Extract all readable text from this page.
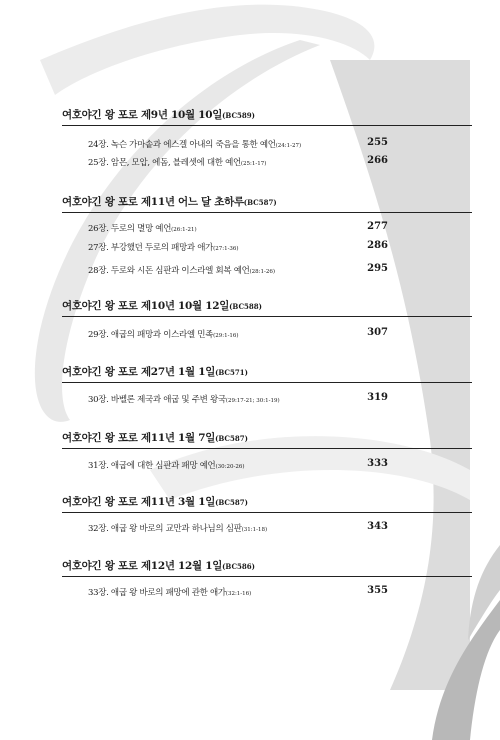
여호야긴 왕 포로 제9년 10월 10일(BC589)
24장. 녹슨 가마솥과 에스겔 아내의 죽음을 통한 예언(24:1-27)	255
25장. 암몬, 모압, 에돔, 블레셋에 대한 예언(25:1-17)	266
여호야긴 왕 포로 제11년 어느 달 초하루(BC587)
26장. 두로의 멸망 예언(26:1-21)	277
27장. 부강했던 두로의 패망과 애가(27:1-36)	286
28장. 두로와 시돈 심판과 이스라엘 회복 예언(28:1-26)	295
여호야긴 왕 포로 제10년 10월 12일(BC588)
29장. 애굽의 패망과 이스라엘 민족(29:1-16)	307
여호야긴 왕 포로 제27년 1월 1일(BC571)
30장. 바벨론 제국과 애굽 및 주변 왕국(29:17-21; 30:1-19)	319
여호야긴 왕 포로 제11년 1월 7일(BC587)
31장. 애굽에 대한 심판과 패망 예언(30:20-26)	333
여호야긴 왕 포로 제11년 3월 1일(BC587)
32장. 애굽 왕 바로의 교만과 하나님의 심판(31:1-18)	343
여호야긴 왕 포로 제12년 12월 1일(BC586)
33장. 애굽 왕 바로의 패망에 관한 애가(32:1-16)	355
